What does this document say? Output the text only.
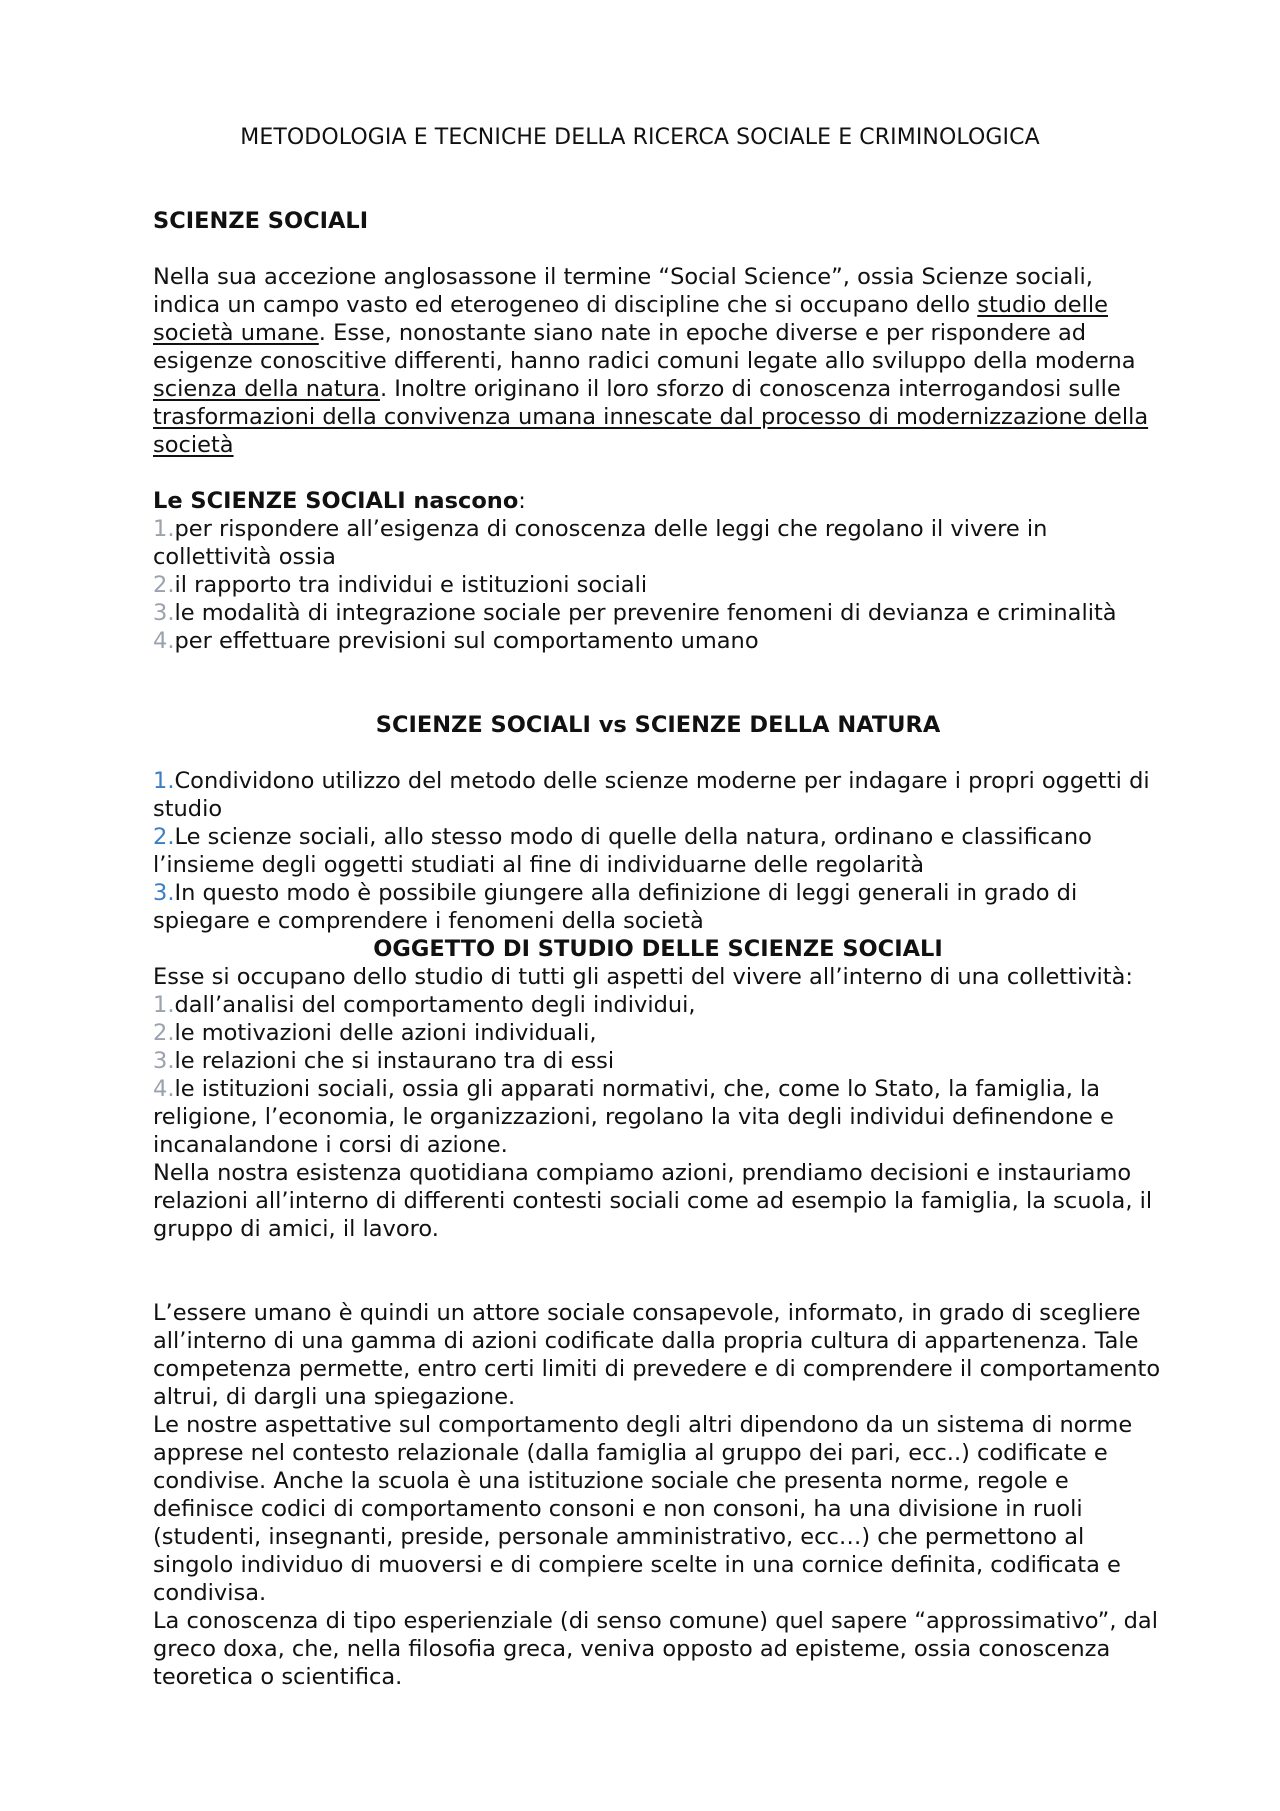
METODOLOGIA E TECNICHE DELLA RICERCA SOCIALE E CRIMINOLOGICA

SCIENZE SOCIALI

Nella sua accezione anglosassone il termine “Social Science”, ossia Scienze sociali, indica un campo vasto ed eterogeneo di discipline che si occupano dello studio delle società umane. Esse, nonostante siano nate in epoche diverse e per rispondere ad esigenze conoscitive differenti, hanno radici comuni legate allo sviluppo della moderna scienza della natura. Inoltre originano il loro sforzo di conoscenza interrogandosi sulle trasformazioni della convivenza umana innescate dal processo di modernizzazione della società

Le SCIENZE SOCIALI nascono:

1.per rispondere all’esigenza di conoscenza delle leggi che regolano il vivere in collettività ossia

2.il rapporto tra individui e istituzioni sociali

3.le modalità di integrazione sociale per prevenire fenomeni di devianza e criminalità

4.per effettuare previsioni sul comportamento umano

SCIENZE SOCIALI vs SCIENZE DELLA NATURA

1.Condividono utilizzo del metodo delle scienze moderne per indagare i propri oggetti di studio

2.Le scienze sociali, allo stesso modo di quelle della natura, ordinano e classificano l’insieme degli oggetti studiati al fine di individuarne delle regolarità

3.In questo modo è possibile giungere alla definizione di leggi generali in grado di spiegare e comprendere i fenomeni della società

OGGETTO DI STUDIO DELLE SCIENZE SOCIALI

Esse si occupano dello studio di tutti gli aspetti del vivere all’interno di una collettività:

1.dall’analisi del comportamento degli individui,

2.le motivazioni delle azioni individuali,

3.le relazioni che si instaurano tra di essi

4.le istituzioni sociali, ossia gli apparati normativi, che, come lo Stato, la famiglia, la religione, l’economia, le organizzazioni, regolano la vita degli individui definendone e incanalandone i corsi di azione.

Nella nostra esistenza quotidiana compiamo azioni, prendiamo decisioni e instauriamo relazioni all’interno di differenti contesti sociali come ad esempio la famiglia, la scuola, il gruppo di amici, il lavoro.

L’essere umano è quindi un attore sociale consapevole, informato, in grado di scegliere all’interno di una gamma di azioni codificate dalla propria cultura di appartenenza. Tale competenza permette, entro certi limiti di prevedere e di comprendere il comportamento altrui, di dargli una spiegazione.

Le nostre aspettative sul comportamento degli altri dipendono da un sistema di norme apprese nel contesto relazionale (dalla famiglia al gruppo dei pari, ecc..) codificate e condivise. Anche la scuola è una istituzione sociale che presenta norme, regole e definisce codici di comportamento consoni e non consoni, ha una divisione in ruoli (studenti, insegnanti, preside, personale amministrativo, ecc…) che permettono al singolo individuo di muoversi e di compiere scelte in una cornice definita, codificata e condivisa.

La conoscenza di tipo esperienziale (di senso comune) quel sapere “approssimativo”, dal greco doxa, che, nella filosofia greca, veniva opposto ad episteme, ossia conoscenza teoretica o scientifica.
